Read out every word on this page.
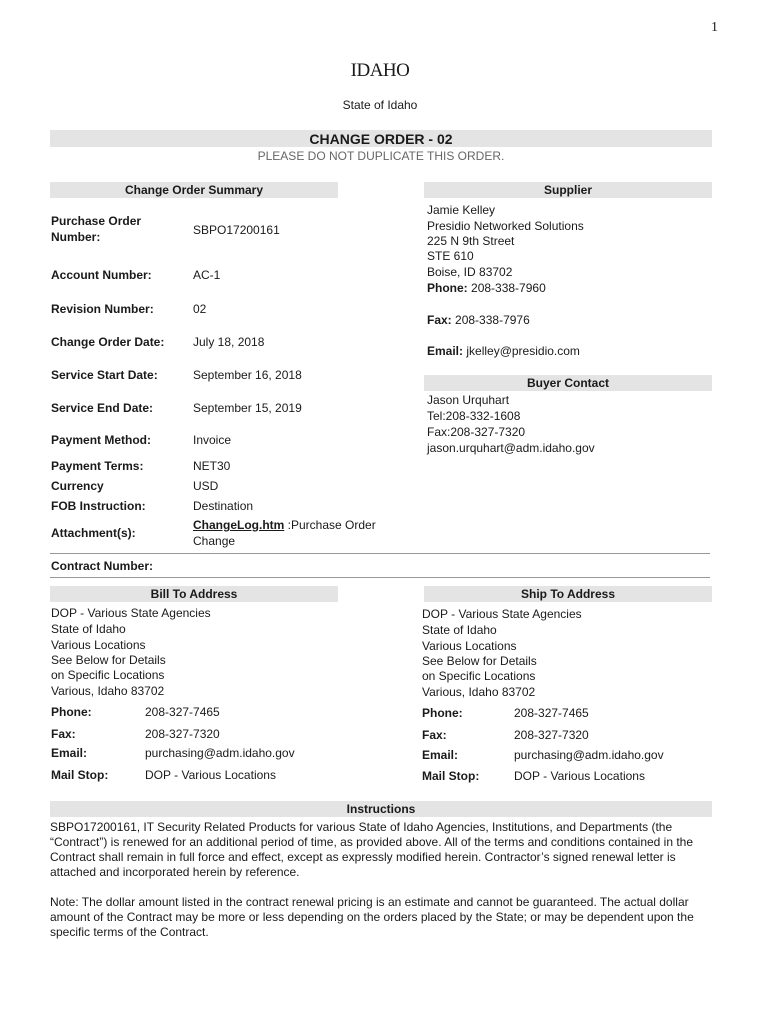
1
IDAHO
State of Idaho
CHANGE ORDER - 02
PLEASE DO NOT DUPLICATE THIS ORDER.
Change Order Summary
Purchase Order
Number:	SBPO17200161
Account Number:	AC-1
Revision Number:	02
Change Order Date: July 18, 2018
Service Start Date:	September 16, 2018
Service End Date:	September 15, 2019
Payment Method:	Invoice
Payment Terms:	NET30
Currency	USD
FOB Instruction:	Destination
Attachment(s):
ChangeLog.htm :Purchase Order
Change
Contract Number:
Supplier
Jamie Kelley
Presidio Networked Solutions
225 N 9th Street
STE 610
Boise, ID 83702
Phone: 208-338-7960
Fax: 208-338-7976
Email: jkelley@presidio.com
Buyer Contact
Jason Urquhart
Tel:208-332-1608
Fax:208-327-7320
jason.urquhart@adm.idaho.gov
Bill To Address
DOP - Various State Agencies
State of Idaho
Various Locations
See Below for Details
on Specific Locations
Various, Idaho 83702
Phone:	208-327-7465
Fax:	208-327-7320
Email:	purchasing@adm.idaho.gov
Mail Stop:	DOP - Various Locations
Ship To Address
DOP - Various State Agencies
State of Idaho
Various Locations
See Below for Details
on Specific Locations
Various, Idaho 83702
Phone:	208-327-7465
Fax:	208-327-7320
Email:	purchasing@adm.idaho.gov
Mail Stop:	DOP - Various Locations
Instructions
SBPO17200161, IT Security Related Products for various State of Idaho Agencies, Institutions, and Departments (the “Contract”) is renewed for an additional period of time, as provided above. All of the terms and conditions contained in the Contract shall remain in full force and effect, except as expressly modified herein. Contractor’s signed renewal letter is attached and incorporated herein by reference.
Note: The dollar amount listed in the contract renewal pricing is an estimate and cannot be guaranteed. The actual dollar amount of the Contract may be more or less depending on the orders placed by the State; or may be dependent upon the specific terms of the Contract.
